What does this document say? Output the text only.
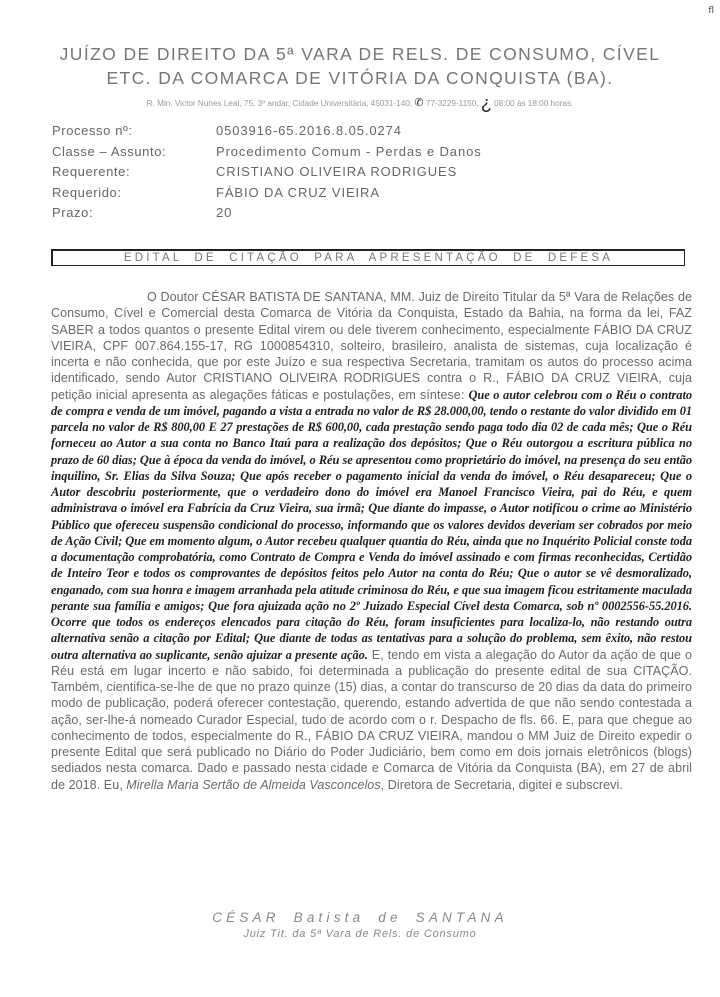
fl
JUÍZO DE DIREITO DA 5ª VARA DE RELS. DE CONSUMO, CÍVEL
ETC. DA COMARCA DE VITÓRIA DA CONQUISTA (BA).
R. Min. Victor Nunes Leal, 75, 3º andar, Cidade Universitária, 45031-140, ✆ 77-3229-1150, ¿ 08:00 às 18:00 horas.
Processo nº:	0503916-65.2016.8.05.0274
Classe – Assunto:	Procedimento Comum - Perdas e Danos
Requerente:	CRISTIANO OLIVEIRA RODRIGUES
Requerido:	FÁBIO DA CRUZ VIEIRA
Prazo:	20
EDITAL DE CITAÇÃO PARA APRESENTAÇÃO DE DEFESA

O Doutor CÉSAR BATISTA DE SANTANA, MM. Juiz de Direito Titular da 5ª Vara de Relações de Consumo, Cível e Comercial desta Comarca de Vitória da Conquista, Estado da Bahia, na forma da lei, FAZ SABER a todos quantos o presente Edital virem ou dele tiverem conhecimento, especialmente FÁBIO DA CRUZ VIEIRA, CPF 007.864.155-17, RG 1000854310, solteiro, brasileiro, analista de sistemas, cuja localização é incerta e não conhecida, que por este Juízo e sua respectiva Secretaria, tramitam os autos do processo acima identificado, sendo Autor CRISTIANO OLIVEIRA RODRIGUES contra o R., FÁBIO DA CRUZ VIEIRA, cuja petição inicial apresenta as alegações fáticas e postulações, em síntese: Que o autor celebrou com o Réu o contrato de compra e venda de um imóvel, pagando a vista a entrada no valor de R$ 28.000,00, tendo o restante do valor dividido em 01 parcela no valor de R$ 800,00 E 27 prestações de R$ 600,00, cada prestação sendo paga todo dia 02 de cada mês; Que o Réu forneceu ao Autor a sua conta no Banco Itaú para a realização dos depósitos; Que o Réu outorgou a escritura pública no prazo de 60 dias; Que à época da venda do imóvel, o Réu se apresentou como proprietário do imóvel, na presença do seu então inquilino, Sr. Elias da Silva Souza; Que após receber o pagamento inicial da venda do imóvel, o Réu desapareceu; Que o Autor descobriu posteriormente, que o verdadeiro dono do imóvel era Manoel Francisco Vieira, pai do Réu, e quem administrava o imóvel era Fabrícia da Cruz Vieira, sua irmã; Que diante do impasse, o Autor notificou o crime ao Ministério Público que ofereceu suspensão condicional do processo, informando que os valores devidos deveriam ser cobrados por meio de Ação Civil; Que em momento algum, o Autor recebeu qualquer quantia do Réu, ainda que no Inquérito Policial conste toda a documentação comprobatória, como Contrato de Compra e Venda do imóvel assinado e com firmas reconhecidas, Certidão de Inteiro Teor e todos os comprovantes de depósitos feitos pelo Autor na conta do Réu; Que o autor se vê desmoralizado, enganado, com sua honra e imagem arranhada pela atitude criminosa do Réu, e que sua imagem ficou estritamente maculada perante sua família e amigos; Que fora ajuizada ação no 2º Juizado Especial Cível desta Comarca, sob nº 0002556-55.2016. Ocorre que todos os endereços elencados para citação do Réu, foram insuficientes para localiza-lo, não restando outra alternativa senão a citação por Edital; Que diante de todas as tentativas para a solução do problema, sem êxito, não restou outra alternativa ao suplicante, senão ajuizar a presente ação. E, tendo em vista a alegação do Autor da ação de que o Réu está em lugar incerto e não sabido, foi determinada a publicação do presente edital de sua CITAÇÃO. Também, cientifica-se-lhe de que no prazo quinze (15) dias, a contar do transcurso de 20 dias da data do primeiro modo de publicação, poderá oferecer contestação, querendo, estando advertida de que não sendo contestada a ação, ser-lhe-á nomeado Curador Especial, tudo de acordo com o r. Despacho de fls. 66. E, para que chegue ao conhecimento de todos, especialmente do R., FÁBIO DA CRUZ VIEIRA, mandou o MM Juiz de Direito expedir o presente Edital que será publicado no Diário do Poder Judiciário, bem como em dois jornais eletrônicos (blogs) sediados nesta comarca. Dado e passado nesta cidade e Comarca de Vitória da Conquista (BA), em 27 de abril de 2018. Eu, Mirella Maria Sertão de Almeida Vasconcelos, Diretora de Secretaria, digitei e subscrevi.

CÉSAR Batista de SANTANA
Juiz Tit. da 5ª Vara de Rels. de Consumo
